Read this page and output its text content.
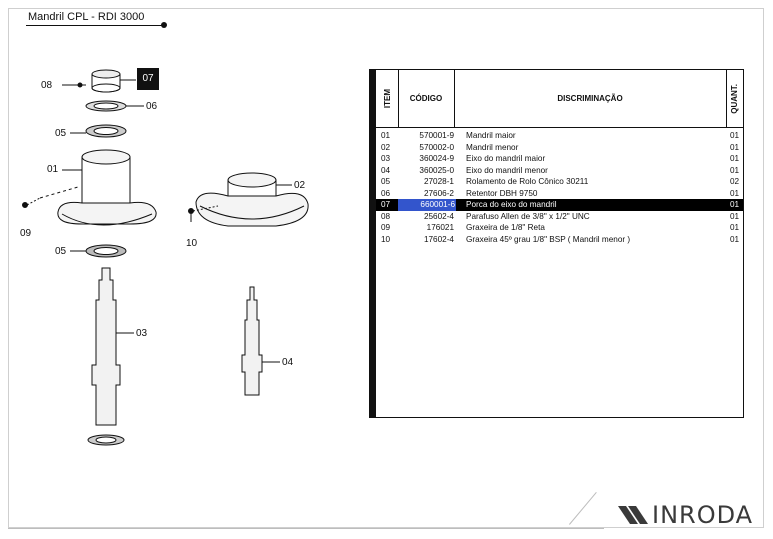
Mandril CPL - RDI 3000
INRODA
08
07
06
05
01
09
05
03
02
10
04
ITEM CÓDIGO	DISCRIMINAÇÃO	QUANT.
01	570001-9 Mandril maior	01
02	570002-0 Mandril menor	01
03	360024-9 Eixo do mandril maior	01
04	360025-0 Eixo do mandril menor	01
05	27028-1 Rolamento de Rolo Cônico 30211	02
06	27606-2 Retentor DBH 9750	01
07	660001-6 Porca do eixo do mandril	01
08	25602-4 Parafuso Allen de 3/8" x 1/2" UNC	01
09	176021 Graxeira de 1/8" Reta	01
10	17602-4 Graxeira 45º grau 1/8" BSP ( Mandril menor )	01
